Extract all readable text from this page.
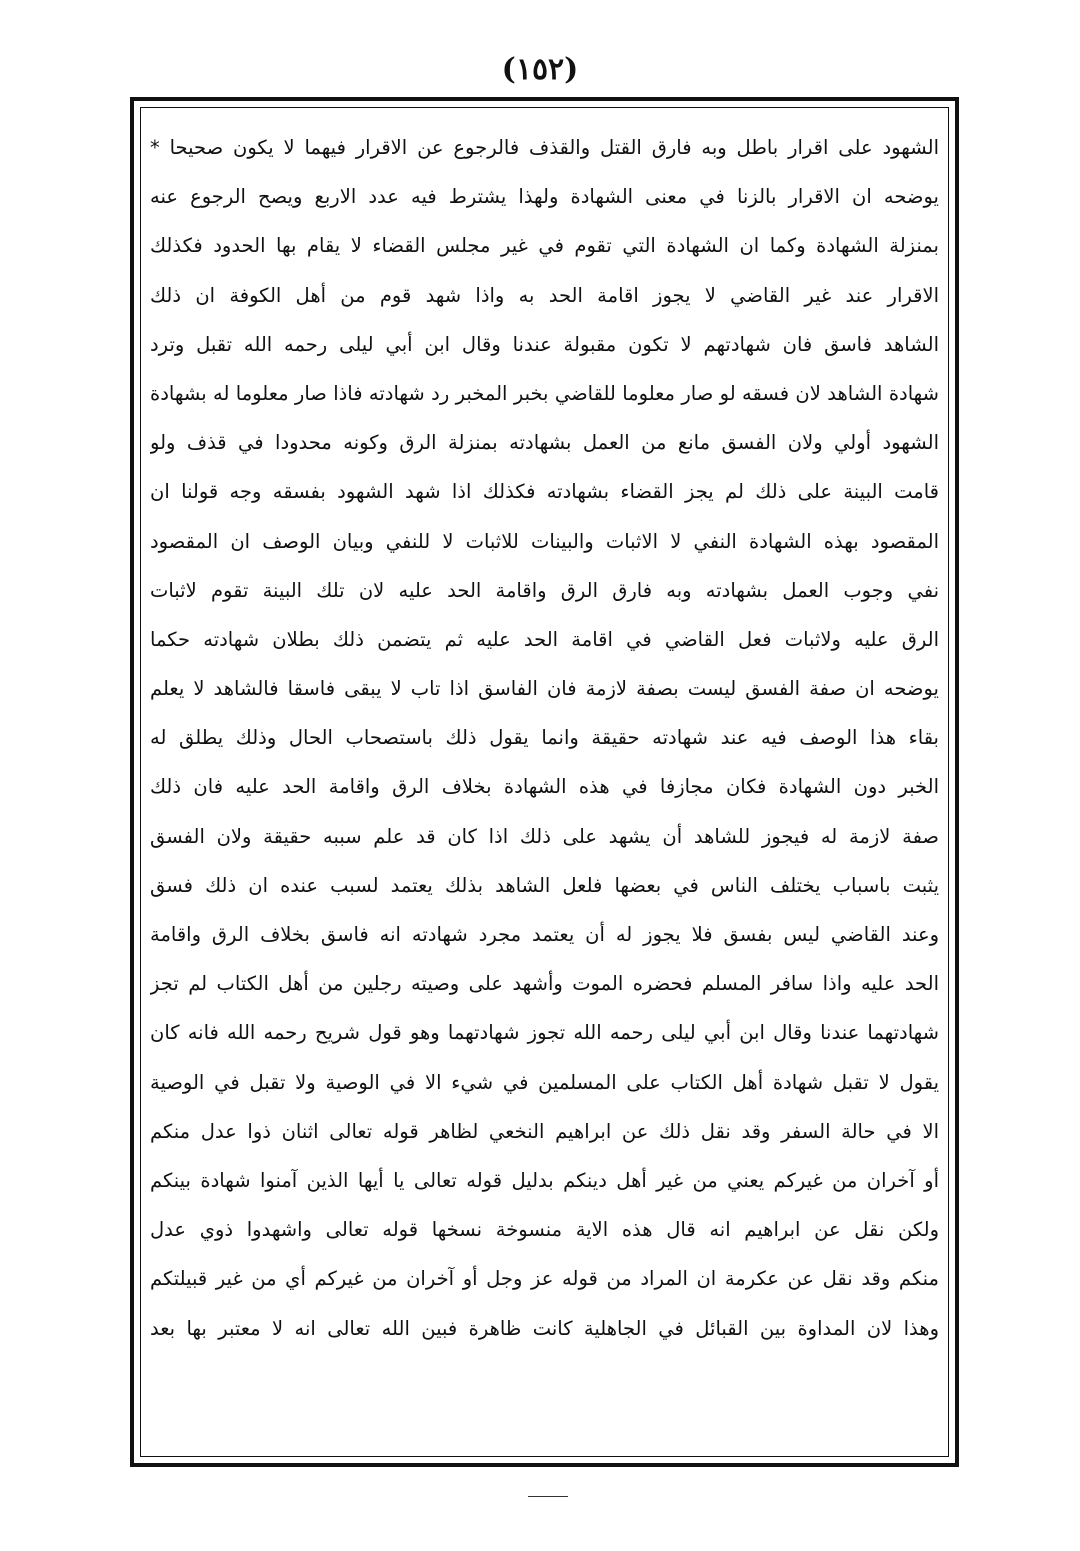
(١٥٢)
الشهود على اقرار باطل وبه فارق القتل والقذف فالرجوع عن الاقرار فيهما لا يكون صحيحا *
يوضحه ان الاقرار بالزنا في معنى الشهادة ولهذا يشترط فيه عدد الاربع ويصح الرجوع عنه
بمنزلة الشهادة وكما ان الشهادة التي تقوم في غير مجلس القضاء لا يقام بها الحدود فكذلك
الاقرار عند غير القاضي لا يجوز اقامة الحد به واذا شهد قوم من أهل الكوفة ان ذلك
الشاهد فاسق فان شهادتهم لا تكون مقبولة عندنا وقال ابن أبي ليلى رحمه الله تقبل وترد
شهادة الشاهد لان فسقه لو صار معلوما للقاضي بخبر المخبر رد شهادته فاذا صار معلوما له بشهادة
الشهود أولي ولان الفسق مانع من العمل بشهادته بمنزلة الرق وكونه محدودا في قذف ولو
قامت البينة على ذلك لم يجز القضاء بشهادته فكذلك اذا شهد الشهود بفسقه وجه قولنا ان
المقصود بهذه الشهادة النفي لا الاثبات والبينات للاثبات لا للنفي وبيان الوصف ان المقصود
نفي وجوب العمل بشهادته وبه فارق الرق واقامة الحد عليه لان تلك البينة تقوم لاثبات
الرق عليه ولاثبات فعل القاضي في اقامة الحد عليه ثم يتضمن ذلك بطلان شهادته حكما
يوضحه ان صفة الفسق ليست بصفة لازمة فان الفاسق اذا تاب لا يبقى فاسقا فالشاهد لا يعلم
بقاء هذا الوصف فيه عند شهادته حقيقة وانما يقول ذلك باستصحاب الحال وذلك يطلق له
الخبر دون الشهادة فكان مجازفا في هذه الشهادة بخلاف الرق واقامة الحد عليه فان ذلك
صفة لازمة له فيجوز للشاهد أن يشهد على ذلك اذا كان قد علم سببه حقيقة ولان الفسق
يثبت باسباب يختلف الناس في بعضها فلعل الشاهد بذلك يعتمد لسبب عنده ان ذلك فسق
وعند القاضي ليس بفسق فلا يجوز له أن يعتمد مجرد شهادته انه فاسق بخلاف الرق واقامة
الحد عليه واذا سافر المسلم فحضره الموت وأشهد على وصيته رجلين من أهل الكتاب لم تجز
شهادتهما عندنا وقال ابن أبي ليلى رحمه الله تجوز شهادتهما وهو قول شريح رحمه الله فانه كان
يقول لا تقبل شهادة أهل الكتاب على المسلمين في شيء الا في الوصية ولا تقبل في الوصية
الا في حالة السفر وقد نقل ذلك عن ابراهيم النخعي لظاهر قوله تعالى اثنان ذوا عدل منكم
أو آخران من غيركم يعني من غير أهل دينكم بدليل قوله تعالى يا أيها الذين آمنوا شهادة بينكم
ولكن نقل عن ابراهيم انه قال هذه الاية منسوخة نسخها قوله تعالى واشهدوا ذوي عدل
منكم وقد نقل عن عكرمة ان المراد من قوله عز وجل أو آخران من غيركم أي من غير قبيلتكم
وهذا لان المداوة بين القبائل في الجاهلية كانت ظاهرة فبين الله تعالى انه لا معتبر بها بعد
